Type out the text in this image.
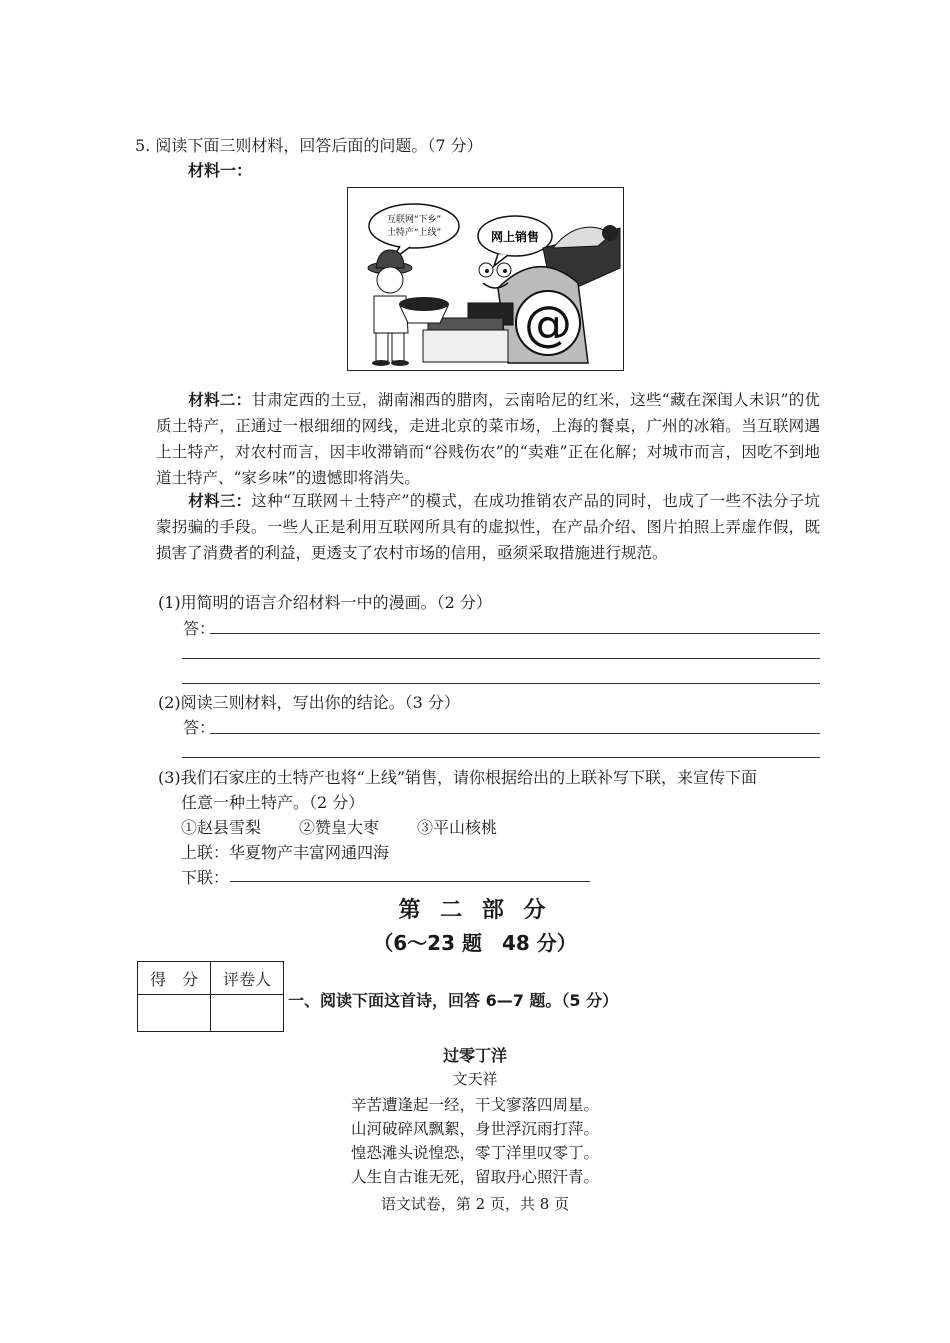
5. 阅读下面三则材料，回答后面的问题。（7 分）
材料一：
互联网“下乡”
土特产“上线”	网上销售
@
材料二：甘肃定西的土豆，湖南湘西的腊肉，云南哈尼的红米，这些“藏在深闺人未识”的优质土特产，正通过一根细细的网线，走进北京的菜市场，上海的餐桌，广州的冰箱。当互联网遇上土特产，对农村而言，因丰收滞销而“谷贱伤农”的“卖难”正在化解；对城市而言，因吃不到地道土特产、“家乡味”的遗憾即将消失。
材料三：这种“互联网＋土特产”的模式，在成功推销农产品的同时，也成了一些不法分子坑蒙拐骗的手段。一些人正是利用互联网所具有的虚拟性，在产品介绍、图片拍照上弄虚作假，既损害了消费者的利益，更透支了农村市场的信用，亟须采取措施进行规范。
(1)用简明的语言介绍材料一中的漫画。（2 分）
答：
(2)阅读三则材料，写出你的结论。（3 分）
答：
(3)我们石家庄的土特产也将“上线”销售，请你根据给出的上联补写下联，来宣传下面
任意一种土特产。（2 分）
①赵县雪梨 ②赞皇大枣 ③平山核桃
上联：华夏物产丰富网通四海
下联：
第 二 部 分
（6～23 题　48 分）
得　分	评卷人

一、阅读下面这首诗，回答 6—7 题。（5 分）
过零丁洋
文天祥
辛苦遭逢起一经，干戈寥落四周星。
山河破碎风飘絮，身世浮沉雨打萍。
惶恐滩头说惶恐，零丁洋里叹零丁。
人生自古谁无死，留取丹心照汗青。
语文试卷，第 2 页，共 8 页
